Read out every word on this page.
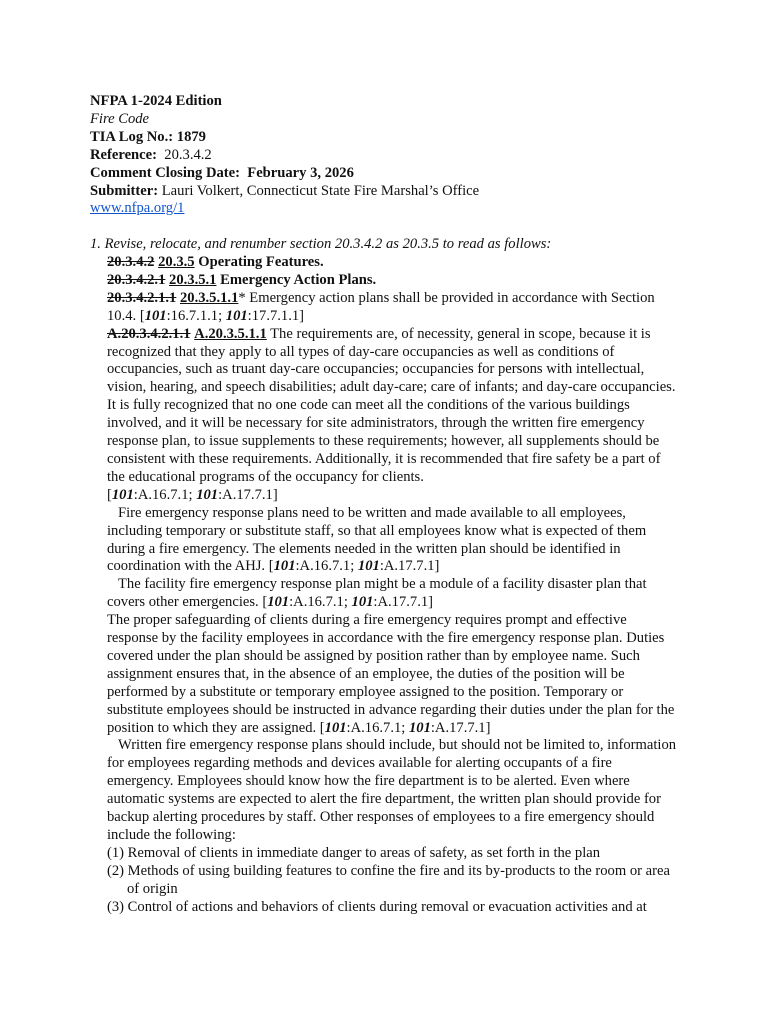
NFPA 1-2024 Edition
Fire Code
TIA Log No.: 1879
Reference: 20.3.4.2
Comment Closing Date: February 3, 2026
Submitter: Lauri Volkert, Connecticut State Fire Marshal’s Office
www.nfpa.org/1
1. Revise, relocate, and renumber section 20.3.4.2 as 20.3.5 to read as follows:

20.3.4.2 20.3.5 Operating Features.

20.3.4.2.1 20.3.5.1 Emergency Action Plans.

20.3.4.2.1.1 20.3.5.1.1* Emergency action plans shall be provided in accordance with Section 10.4. [101:16.7.1.1; 101:17.7.1.1]

A.20.3.4.2.1.1 A.20.3.5.1.1 The requirements are, of necessity, general in scope, because it is recognized that they apply to all types of day-care occupancies as well as conditions of occupancies, such as truant day-care occupancies; occupancies for persons with intellectual, vision, hearing, and speech disabilities; adult day-care; care of infants; and day-care occupancies. It is fully recognized that no one code can meet all the conditions of the various buildings involved, and it will be necessary for site administrators, through the written fire emergency response plan, to issue supplements to these requirements; however, all supplements should be consistent with these requirements. Additionally, it is recommended that fire safety be a part of the educational programs of the occupancy for clients.
[101:A.16.7.1; 101:A.17.7.1]

Fire emergency response plans need to be written and made available to all employees, including temporary or substitute staff, so that all employees know what is expected of them during a fire emergency. The elements needed in the written plan should be identified in coordination with the AHJ. [101:A.16.7.1; 101:A.17.7.1]

The facility fire emergency response plan might be a module of a facility disaster plan that covers other emergencies. [101:A.16.7.1; 101:A.17.7.1]

The proper safeguarding of clients during a fire emergency requires prompt and effective response by the facility employees in accordance with the fire emergency response plan. Duties covered under the plan should be assigned by position rather than by employee name. Such assignment ensures that, in the absence of an employee, the duties of the position will be performed by a substitute or temporary employee assigned to the position. Temporary or substitute employees should be instructed in advance regarding their duties under the plan for the position to which they are assigned. [101:A.16.7.1; 101:A.17.7.1]

Written fire emergency response plans should include, but should not be limited to, information for employees regarding methods and devices available for alerting occupants of a fire emergency. Employees should know how the fire department is to be alerted. Even where automatic systems are expected to alert the fire department, the written plan should provide for backup alerting procedures by staff. Other responses of employees to a fire emergency should include the following:

(1) Removal of clients in immediate danger to areas of safety, as set forth in the plan

(2) Methods of using building features to confine the fire and its by-products to the room or area of origin

(3) Control of actions and behaviors of clients during removal or evacuation activities and at
